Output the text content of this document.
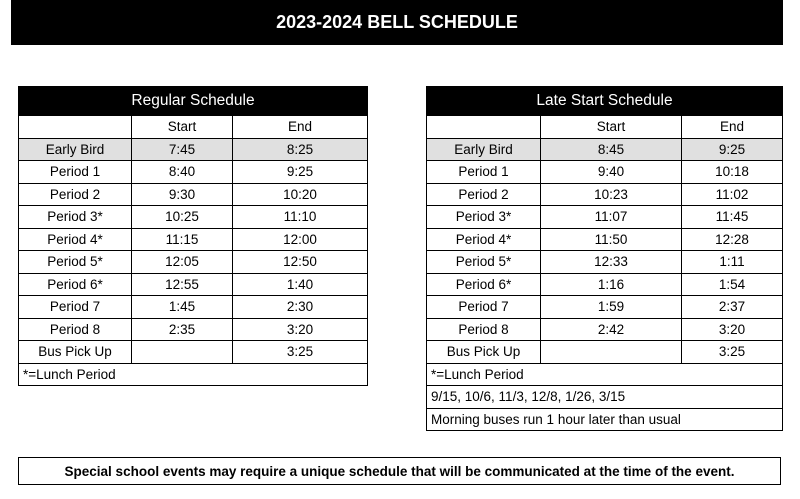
2023-2024 BELL SCHEDULE
Regular Schedule		
	Start	End
Early Bird	7:45	8:25
Period 1	8:40	9:25
Period 2	9:30	10:20
Period 3*	10:25	11:10
Period 4*	11:15	12:00
Period 5*	12:05	12:50
Period 6*	12:55	1:40
Period 7	1:45	2:30
Period 8	2:35	3:20
Bus Pick Up		3:25
*=Lunch Period		
Late Start Schedule		
	Start	End
Early Bird	8:45	9:25
Period 1	9:40	10:18
Period 2	10:23	11:02
Period 3*	11:07	11:45
Period 4*	11:50	12:28
Period 5*	12:33	1:11
Period 6*	1:16	1:54
Period 7	1:59	2:37
Period 8	2:42	3:20
Bus Pick Up		3:25
*=Lunch Period		
9/15, 10/6, 11/3, 12/8, 1/26, 3/15		
Morning buses run 1 hour later than usual		
Special school events may require a unique schedule that will be communicated at the time of the event.
